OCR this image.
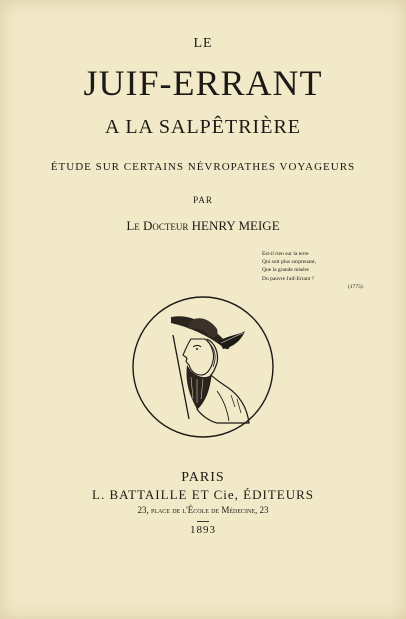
LE
JUIF-ERRANT
A LA SALPÊTRIÈRE
ÉTUDE SUR CERTAINS NÉVROPATHES VOYAGEURS
PAR
Le Docteur HENRY MEIGE
Est-il rien sur la terre
Qui soit plus surprenant,
Que la grande misère
Du pauvre Juif-Errant ?
(1775).
PARIS
L. BATTAILLE ET Cie, ÉDITEURS
23, place de l'École de Médecine, 23
1893
